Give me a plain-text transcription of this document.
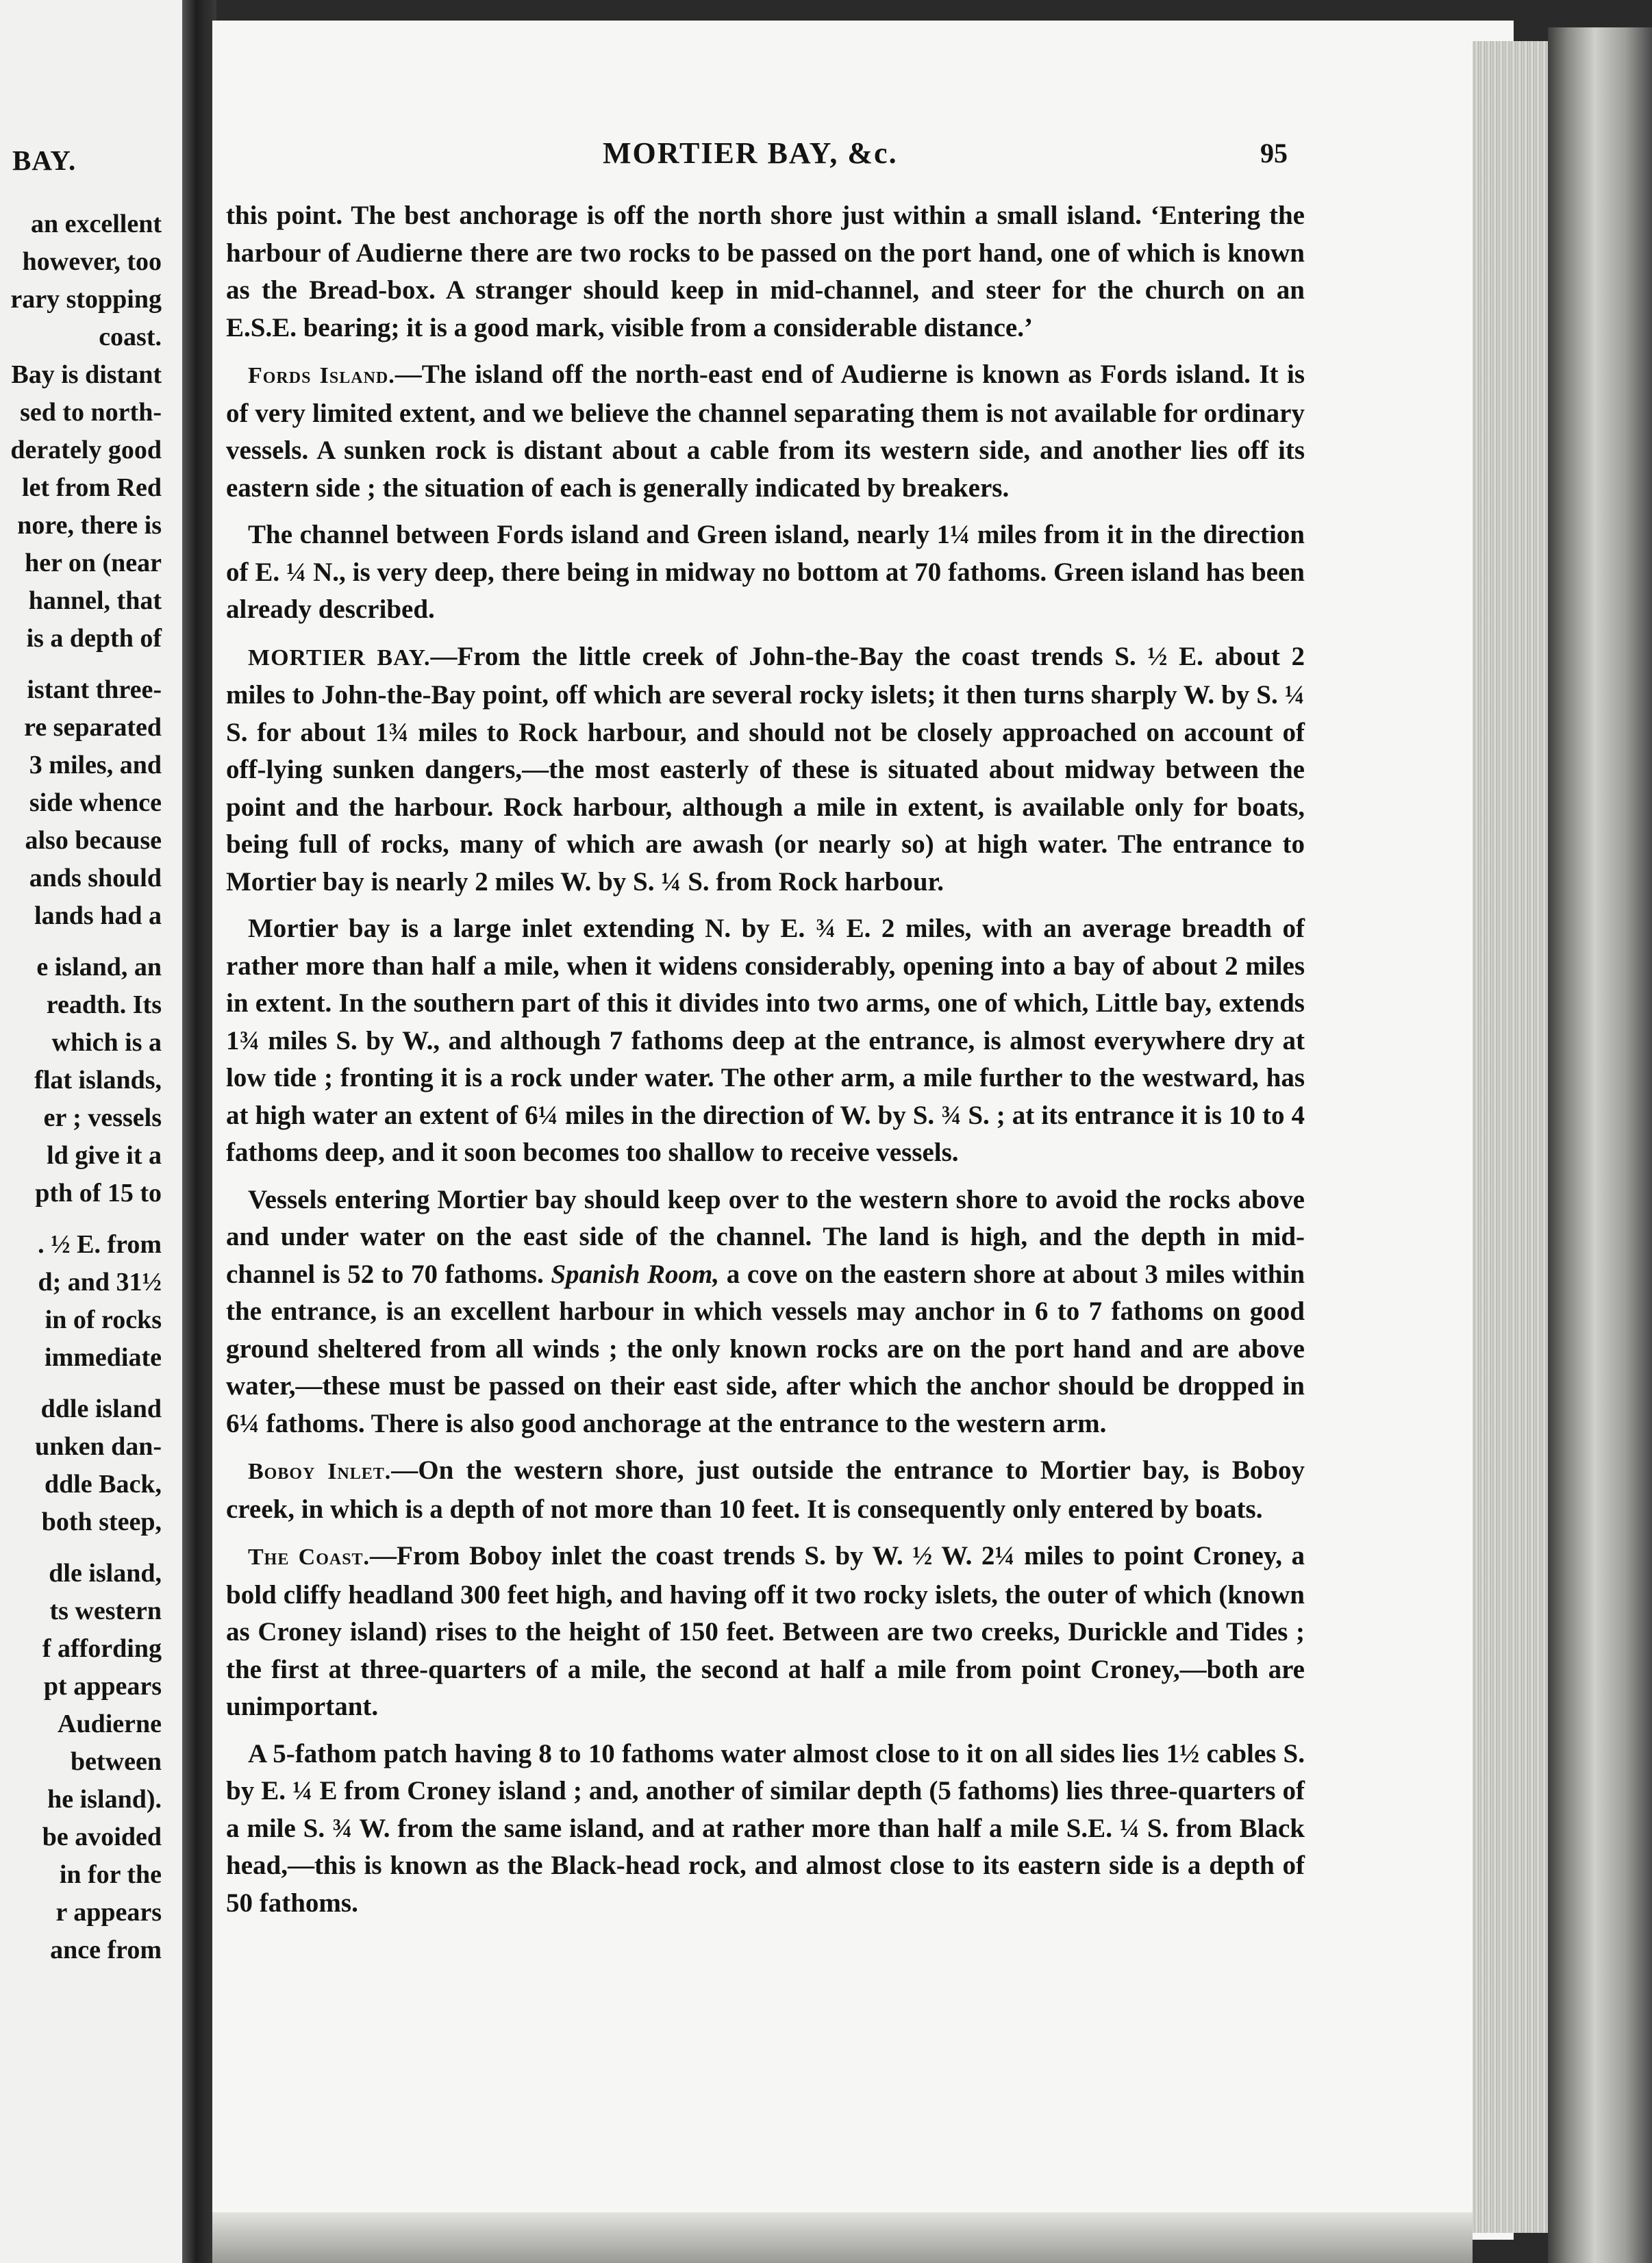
BAY.
an excellent
however, too
rary stopping
coast.
Bay is distant
sed to north-
derately good
let from Red
nore, there is
her on (near
hannel, that
is a depth of
istant three-
re separated
3 miles, and
side whence
also because
ands should
lands had a
e island, an
readth. Its
which is a
flat islands,
er ; vessels
ld give it a
pth of 15 to
. ½ E. from
d; and 31½
in of rocks
immediate
ddle island
unken dan-
ddle Back,
both steep,
dle island,
ts western
f affording
pt appears
Audierne
between
he island).
be avoided
in for the
r appears
ance from
MORTIER BAY, &c.	95

this point. The best anchorage is off the north shore just within a small island. ‘Entering the harbour of Audierne there are two rocks to be passed on the port hand, one of which is known as the Bread-box. A stranger should keep in mid-channel, and steer for the church on an E.S.E. bearing; it is a good mark, visible from a considerable distance.’

Fords Island.—The island off the north-east end of Audierne is known as Fords island. It is of very limited extent, and we believe the channel separating them is not available for ordinary vessels. A sunken rock is distant about a cable from its western side, and another lies off its eastern side ; the situation of each is generally indicated by breakers.

The channel between Fords island and Green island, nearly 1¼ miles from it in the direction of E. ¼ N., is very deep, there being in midway no bottom at 70 fathoms. Green island has been already described.

MORTIER BAY.—From the little creek of John-the-Bay the coast trends S. ½ E. about 2 miles to John-the-Bay point, off which are several rocky islets; it then turns sharply W. by S. ¼ S. for about 1¾ miles to Rock harbour, and should not be closely approached on account of off-lying sunken dangers,—the most easterly of these is situated about midway between the point and the harbour. Rock harbour, although a mile in extent, is available only for boats, being full of rocks, many of which are awash (or nearly so) at high water. The entrance to Mortier bay is nearly 2 miles W. by S. ¼ S. from Rock harbour.

Mortier bay is a large inlet extending N. by E. ¾ E. 2 miles, with an average breadth of rather more than half a mile, when it widens considerably, opening into a bay of about 2 miles in extent. In the southern part of this it divides into two arms, one of which, Little bay, extends 1¾ miles S. by W., and although 7 fathoms deep at the entrance, is almost everywhere dry at low tide ; fronting it is a rock under water. The other arm, a mile further to the westward, has at high water an extent of 6¼ miles in the direction of W. by S. ¾ S. ; at its entrance it is 10 to 4 fathoms deep, and it soon becomes too shallow to receive vessels.

Vessels entering Mortier bay should keep over to the western shore to avoid the rocks above and under water on the east side of the channel. The land is high, and the depth in mid-channel is 52 to 70 fathoms. Spanish Room, a cove on the eastern shore at about 3 miles within the entrance, is an excellent harbour in which vessels may anchor in 6 to 7 fathoms on good ground sheltered from all winds ; the only known rocks are on the port hand and are above water,—these must be passed on their east side, after which the anchor should be dropped in 6¼ fathoms. There is also good anchorage at the entrance to the western arm.

Boboy Inlet.—On the western shore, just outside the entrance to Mortier bay, is Boboy creek, in which is a depth of not more than 10 feet. It is consequently only entered by boats.

The Coast.—From Boboy inlet the coast trends S. by W. ½ W. 2¼ miles to point Croney, a bold cliffy headland 300 feet high, and having off it two rocky islets, the outer of which (known as Croney island) rises to the height of 150 feet. Between are two creeks, Durickle and Tides ; the first at three-quarters of a mile, the second at half a mile from point Croney,—both are unimportant.

A 5-fathom patch having 8 to 10 fathoms water almost close to it on all sides lies 1½ cables S. by E. ¼ E from Croney island ; and, another of similar depth (5 fathoms) lies three-quarters of a mile S. ¾ W. from the same island, and at rather more than half a mile S.E. ¼ S. from Black head,—this is known as the Black-head rock, and almost close to its eastern side is a depth of 50 fathoms.
